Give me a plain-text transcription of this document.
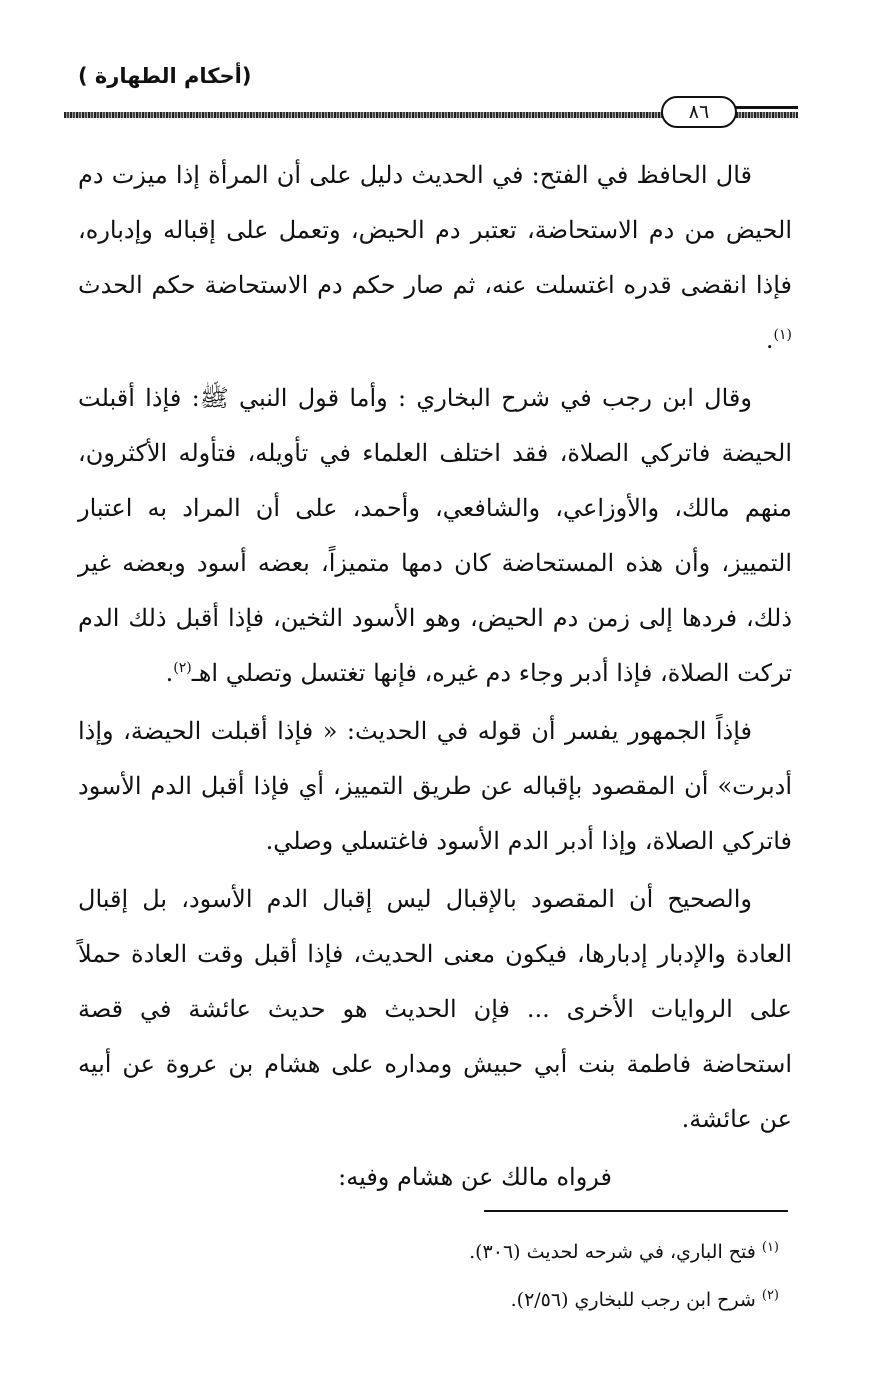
(أحكام الطهارة )
٨٦

قال الحافظ في الفتح: في الحديث دليل على أن المرأة إذا ميزت دم الحيض من دم الاستحاضة، تعتبر دم الحيض، وتعمل على إقباله وإدباره، فإذا انقضى قدره اغتسلت عنه، ثم صار حكم دم الاستحاضة حكم الحدث $^{(١)}$.

وقال ابن رجب في شرح البخاري : وأما قول النبي ﷺ: فإذا أقبلت الحيضة فاتركي الصلاة، فقد اختلف العلماء في تأويله، فتأوله الأكثرون، منهم مالك، والأوزاعي، والشافعي، وأحمد، على أن المراد به اعتبار التمييز، وأن هذه المستحاضة كان دمها متميزاً، بعضه أسود وبعضه غير ذلك، فردها إلى زمن دم الحيض، وهو الأسود الثخين، فإذا أقبل ذلك الدم تركت الصلاة، فإذا أدبر وجاء دم غيره، فإنها تغتسل وتصلي اهـ$^{(٢)}$.

فإذاً الجمهور يفسر أن قوله في الحديث: « فإذا أقبلت الحيضة، وإذا أدبرت» أن المقصود بإقباله عن طريق التمييز، أي فإذا أقبل الدم الأسود فاتركي الصلاة، وإذا أدبر الدم الأسود فاغتسلي وصلي.

والصحيح أن المقصود بالإقبال ليس إقبال الدم الأسود، بل إقبال العادة والإدبار إدبارها، فيكون معنى الحديث، فإذا أقبل وقت العادة حملاً على الروايات الأخرى ... فإن الحديث هو حديث عائشة في قصة استحاضة فاطمة بنت أبي حبيش ومداره على هشام بن عروة عن أبيه عن عائشة.

فرواه مالك عن هشام وفيه:

$^{(١)}$فتح الباري، في شرحه لحديث (٣٠٦).
$^{(٢)}$شرح ابن رجب للبخاري (٢/٥٦).
